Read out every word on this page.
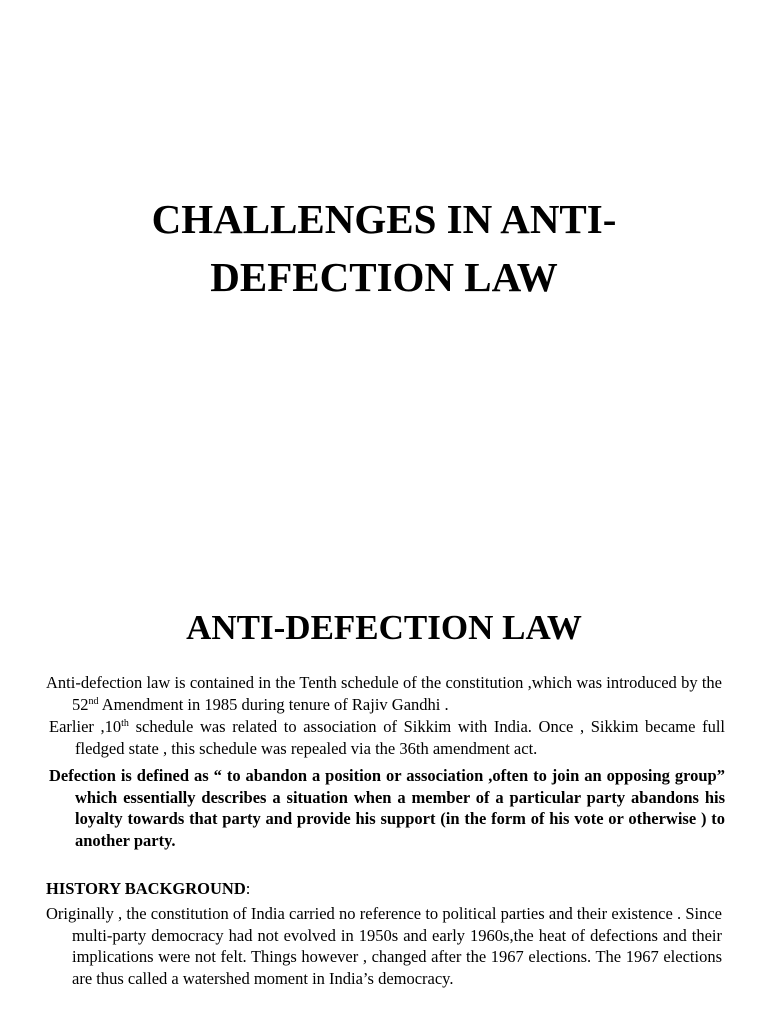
CHALLENGES IN ANTI-
DEFECTION LAW
ANTI-DEFECTION LAW
Anti-defection law is contained in the Tenth schedule of the constitution ,which was introduced by the 52nd Amendment in 1985 during tenure of Rajiv Gandhi .
Earlier ,10th schedule was related to association of Sikkim with India. Once , Sikkim became full fledged state , this schedule was repealed via the 36th amendment act.
Defection is defined as “ to abandon a position or association ,often to join an opposing group” which essentially describes a situation when a member of a particular party abandons his loyalty towards that party and provide his support (in the form of his vote or otherwise ) to another party.
HISTORY BACKGROUND:
Originally , the constitution of India carried no reference to political parties and their existence . Since multi-party democracy had not evolved in 1950s and early 1960s,the heat of defections and their implications were not felt. Things however , changed after the 1967 elections. The 1967 elections are thus called a watershed moment in India’s democracy.
